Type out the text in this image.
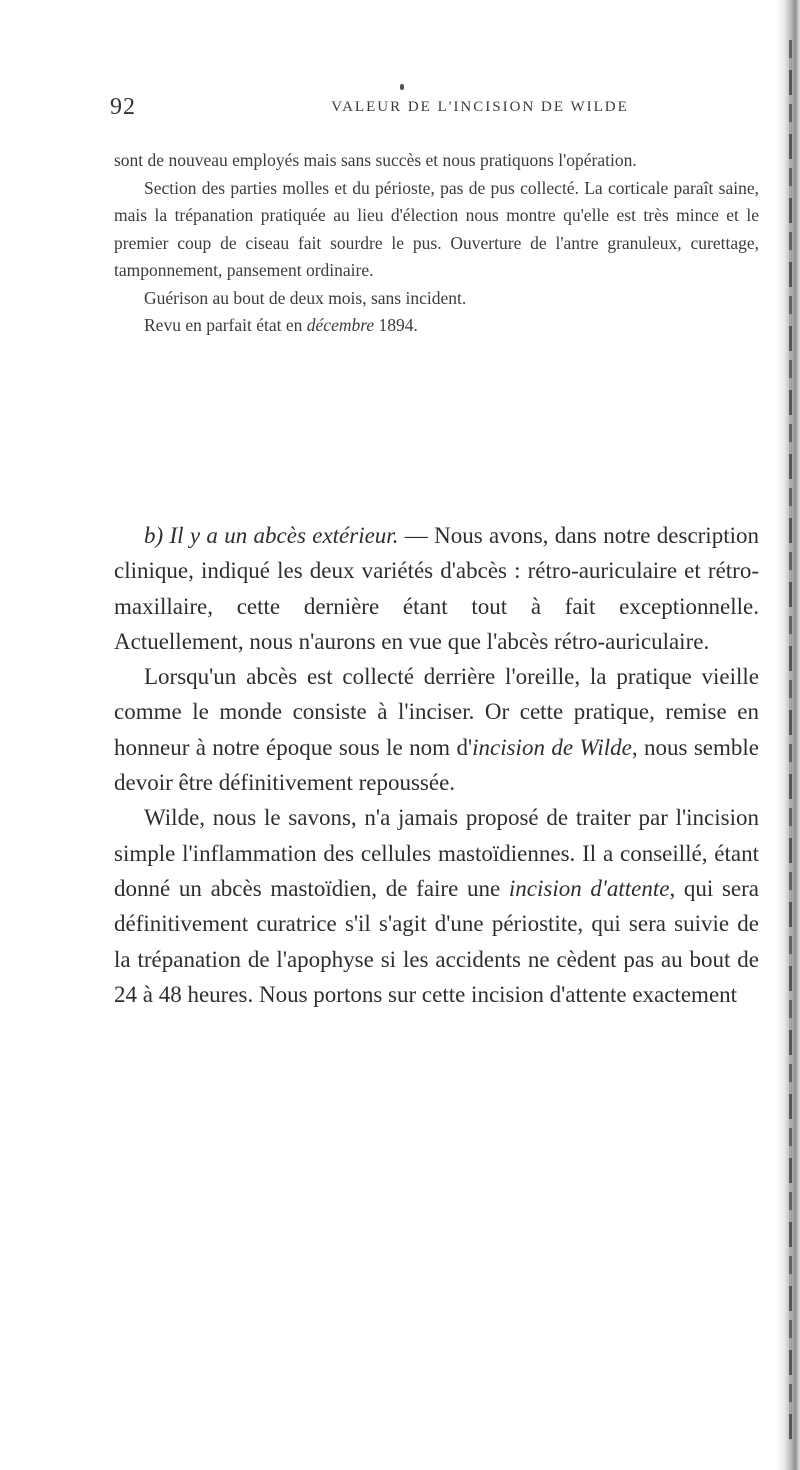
92	VALEUR DE L'INCISION DE WILDE

sont de nouveau employés mais sans succès et nous pratiquons l'opération.

Section des parties molles et du périoste, pas de pus collecté. La corticale paraît saine, mais la trépanation pratiquée au lieu d'élection nous montre qu'elle est très mince et le premier coup de ciseau fait sourdre le pus. Ouverture de l'antre granuleux, curettage, tamponnement, pansement ordinaire.

Guérison au bout de deux mois, sans incident.

Revu en parfait état en décembre 1894.

b) Il y a un abcès extérieur. — Nous avons, dans notre description clinique, indiqué les deux variétés d'abcès : rétro-auriculaire et rétro-maxillaire, cette dernière étant tout à fait exceptionnelle. Actuellement, nous n'aurons en vue que l'abcès rétro-auriculaire.

Lorsqu'un abcès est collecté derrière l'oreille, la pratique vieille comme le monde consiste à l'inciser. Or cette pratique, remise en honneur à notre époque sous le nom d'incision de Wilde, nous semble devoir être définitivement repoussée.

Wilde, nous le savons, n'a jamais proposé de traiter par l'incision simple l'inflammation des cellules mastoïdiennes. Il a conseillé, étant donné un abcès mastoïdien, de faire une incision d'attente, qui sera définitivement curatrice s'il s'agit d'une périostite, qui sera suivie de la trépanation de l'apophyse si les accidents ne cèdent pas au bout de 24 à 48 heures. Nous portons sur cette incision d'attente exactement
